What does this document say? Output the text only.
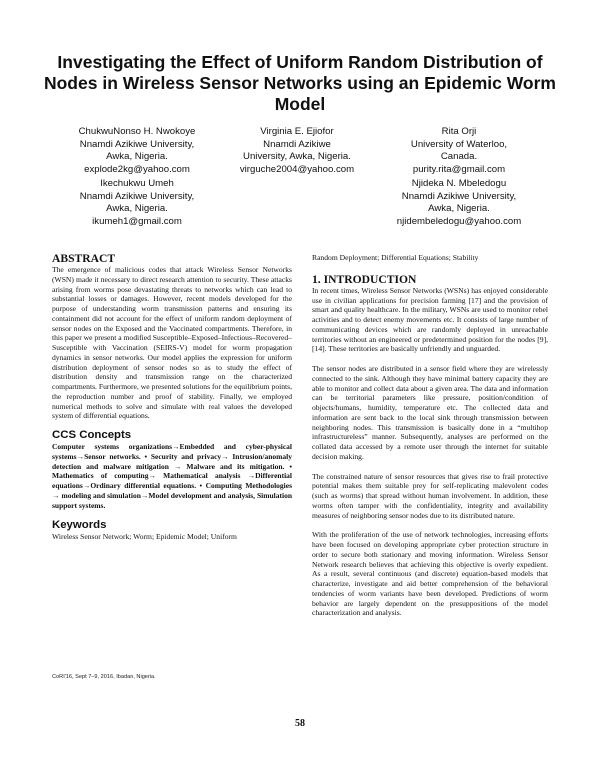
Investigating the Effect of Uniform Random Distribution of Nodes in Wireless Sensor Networks using an Epidemic Worm Model
ChukwuNonso H. Nwokoye
Nnamdi Azikiwe University,
Awka, Nigeria.
explode2kg@yahoo.com
Virginia E. Ejiofor
Nnamdi Azikiwe
University, Awka, Nigeria.
virguche2004@yahoo.com
Rita Orji
University of Waterloo,
Canada.
purity.rita@gmail.com
Ikechukwu Umeh
Nnamdi Azikiwe University,
Awka, Nigeria.
ikumeh1@gmail.com
Njideka N. Mbeledogu
Nnamdi Azikiwe University,
Awka, Nigeria.
njidembeledogu@yahoo.com
ABSTRACT

The emergence of malicious codes that attack Wireless Sensor Networks (WSN) made it necessary to direct research attention to security. These attacks arising from worms pose devastating threats to networks which can lead to substantial losses or damages. However, recent models developed for the purpose of understanding worm transmission patterns and ensuring its containment did not account for the effect of uniform random deployment of sensor nodes on the Exposed and the Vaccinated compartments. Therefore, in this paper we present a modified Susceptible–Exposed–Infectious–Recovered–Susceptible with Vaccination (SEIRS-V) model for worm propagation dynamics in sensor networks. Our model applies the expression for uniform distribution deployment of sensor nodes so as to study the effect of distribution density and transmission range on the characterized compartments. Furthermore, we presented solutions for the equilibrium points, the reproduction number and proof of stability. Finally, we employed numerical methods to solve and simulate with real values the developed system of differential equations.

CCS Concepts

Computer systems organizations→Embedded and cyber-physical systems→Sensor networks. • Security and privacy→ Intrusion/anomaly detection and malware mitigation → Malware and its mitigation. • Mathematics of computing→ Mathematical analysis →Differential equations→Ordinary differential equations. • Computing Methodologies → modeling and simulation→Model development and analysis, Simulation support systems.

Keywords

Wireless Sensor Network; Worm; Epidemic Model; Uniform

CoRI'16, Sept 7–9, 2016, Ibadan, Nigeria.

Random Deployment; Differential Equations; Stability

1. INTRODUCTION

In recent times, Wireless Sensor Networks (WSNs) has enjoyed considerable use in civilian applications for precision farming [17] and the provision of smart and quality healthcare. In the military, WSNs are used to monitor rebel activities and to detect enemy movements etc. It consists of large number of communicating devices which are randomly deployed in unreachable territories without an engineered or predetermined position for the nodes [9], [14]. These territories are basically unfriendly and unguarded.

The sensor nodes are distributed in a sensor field where they are wirelessly connected to the sink. Although they have minimal battery capacity they are able to monitor and collect data about a given area. The data and information can be territorial parameters like pressure, position/condition of objects/humans, humidity, temperature etc. The collected data and information are sent back to the local sink through transmission between neighboring nodes. This transmission is basically done in a “multihop infrastructureless” manner. Subsequently, analyses are performed on the collated data accessed by a remote user through the internet for suitable decision making.

The constrained nature of sensor resources that gives rise to frail protective potential makes them suitable prey for self-replicating malevolent codes (such as worms) that spread without human involvement. In addition, these worms often tamper with the confidentiality, integrity and availability measures of neighboring sensor nodes due to its distributed nature.

With the proliferation of the use of network technologies, increasing efforts have been focused on developing appropriate cyber protection structure in order to secure both stationary and moving information. Wireless Sensor Network research believes that achieving this objective is overly expedient. As a result, several continuous (and discrete) equation-based models that characterize, investigate and aid better comprehension of the behavioral tendencies of worm variants have been developed. Predictions of worm behavior are largely dependent on the presuppositions of the model characterization and analysis.

58
